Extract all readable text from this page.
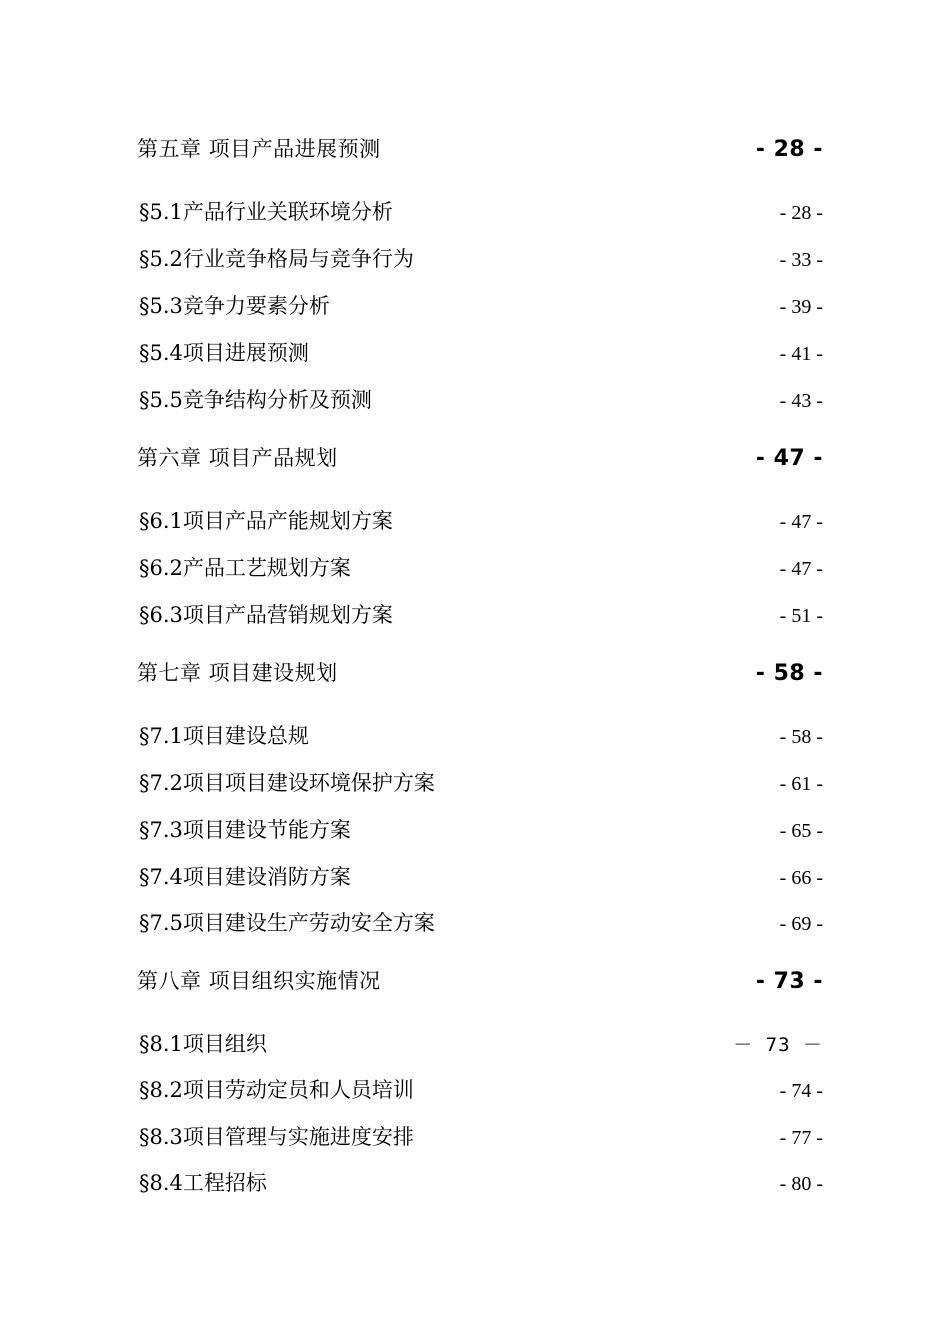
第五章 项目产品进展预测	- 28 -
§5.1产品行业关联环境分析	- 28 -
§5.2行业竞争格局与竞争行为	- 33 -
§5.3竞争力要素分析	- 39 -
§5.4项目进展预测	- 41 -
§5.5竞争结构分析及预测	- 43 -
第六章 项目产品规划	- 47 -
§6.1项目产品产能规划方案	- 47 -
§6.2产品工艺规划方案	- 47 -
§6.3项目产品营销规划方案	- 51 -
第七章 项目建设规划	- 58 -
§7.1项目建设总规	- 58 -
§7.2项目项目建设环境保护方案	- 61 -
§7.3项目建设节能方案	- 65 -
§7.4项目建设消防方案	- 66 -
§7.5项目建设生产劳动安全方案	- 69 -
第八章 项目组织实施情况	- 73 -
§8.1项目组织	－ 73 －
§8.2项目劳动定员和人员培训	- 74 -
§8.3项目管理与实施进度安排	- 77 -
§8.4工程招标	- 80 -
